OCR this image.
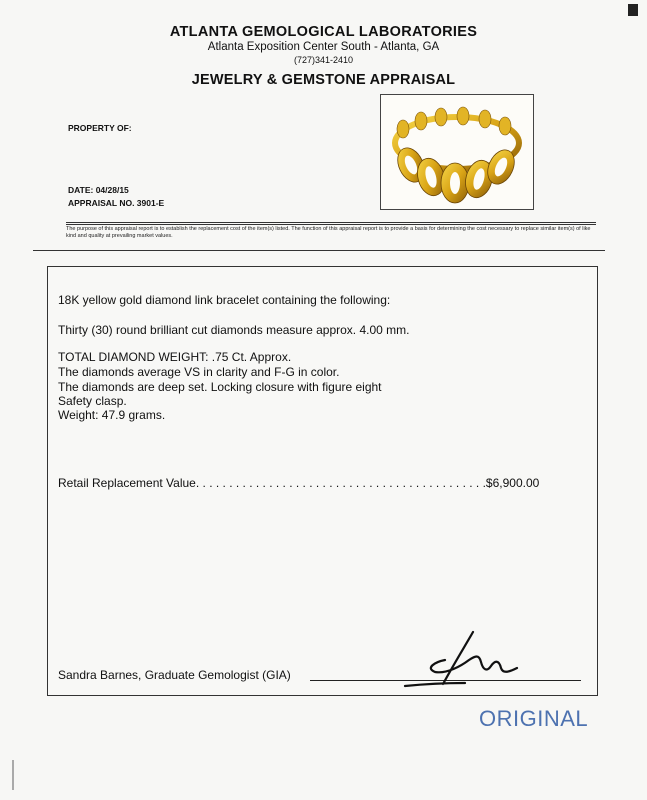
ATLANTA GEMOLOGICAL LABORATORIES
Atlanta Exposition Center South - Atlanta, GA
(727)341-2410
JEWELRY & GEMSTONE APPRAISAL
PROPERTY OF:
DATE: 04/28/15
APPRAISAL NO. 3901-E
The purpose of this appraisal report is to establish the replacement cost of the item(s) listed. The function of this appraisal report is to provide a basis for determining the cost necessary to replace similar item(s) of like kind and quality at prevailing market values.
18K yellow gold diamond link bracelet containing the following:
Thirty (30) round brilliant cut diamonds measure approx. 4.00 mm.
TOTAL DIAMOND WEIGHT: .75 Ct. Approx.
The diamonds average VS in clarity and F-G in color.
The diamonds are deep set. Locking closure with figure eight
Safety clasp.
Weight: 47.9 grams.
Retail Replacement Value. . . . . . . . . . . . . . . . . . . . . . . . . . . . . . . . . . . . . . . . . . . .$6,900.00
Sandra Barnes, Graduate Gemologist (GIA)
ORIGINAL
